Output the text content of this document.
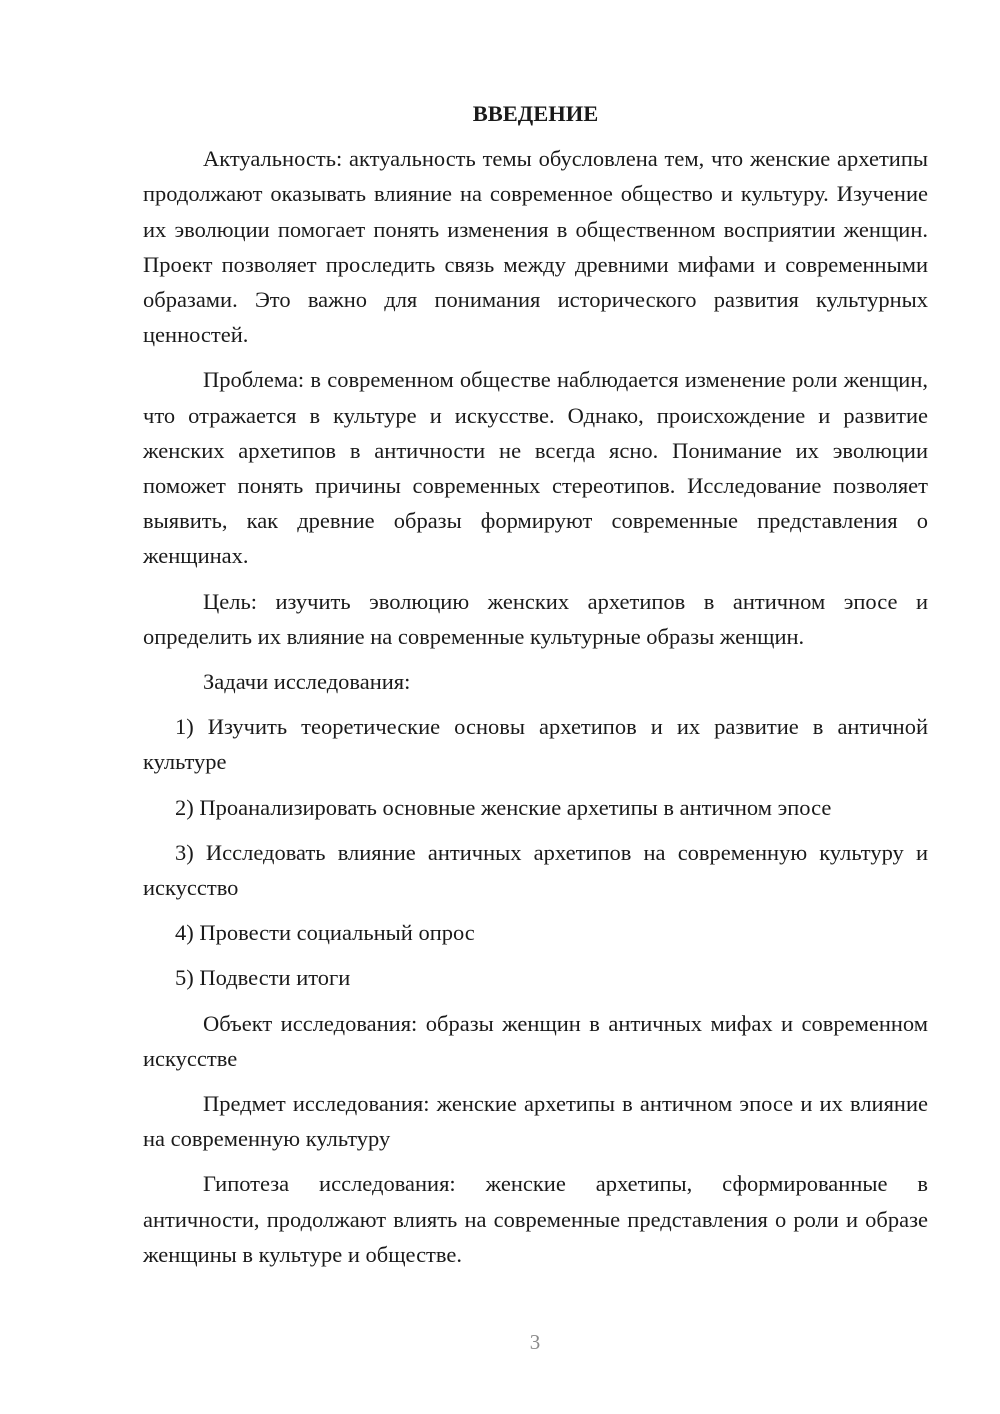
ВВЕДЕНИЕ

Актуальность: актуальность темы обусловлена тем, что женские архетипы продолжают оказывать влияние на современное общество и культуру. Изучение их эволюции помогает понять изменения в общественном восприятии женщин. Проект позволяет проследить связь между древними мифами и современными образами. Это важно для понимания исторического развития культурных ценностей.

Проблема: в современном обществе наблюдается изменение роли женщин, что отражается в культуре и искусстве. Однако, происхождение и развитие женских архетипов в античности не всегда ясно. Понимание их эволюции поможет понять причины современных стереотипов. Исследование позволяет выявить, как древние образы формируют современные представления о женщинах.

Цель: изучить эволюцию женских архетипов в античном эпосе и определить их влияние на современные культурные образы женщин.

Задачи исследования:

1) Изучить теоретические основы архетипов и их развитие в античной культуре

2) Проанализировать основные женские архетипы в античном эпосе

3) Исследовать влияние античных архетипов на современную культуру и искусство

4) Провести социальный опрос

5) Подвести итоги

Объект исследования: образы женщин в античных мифах и современном искусстве

Предмет исследования: женские архетипы в античном эпосе и их влияние на современную культуру

Гипотеза исследования: женские архетипы, сформированные в античности, продолжают влиять на современные представления о роли и образе женщины в культуре и обществе.

3
